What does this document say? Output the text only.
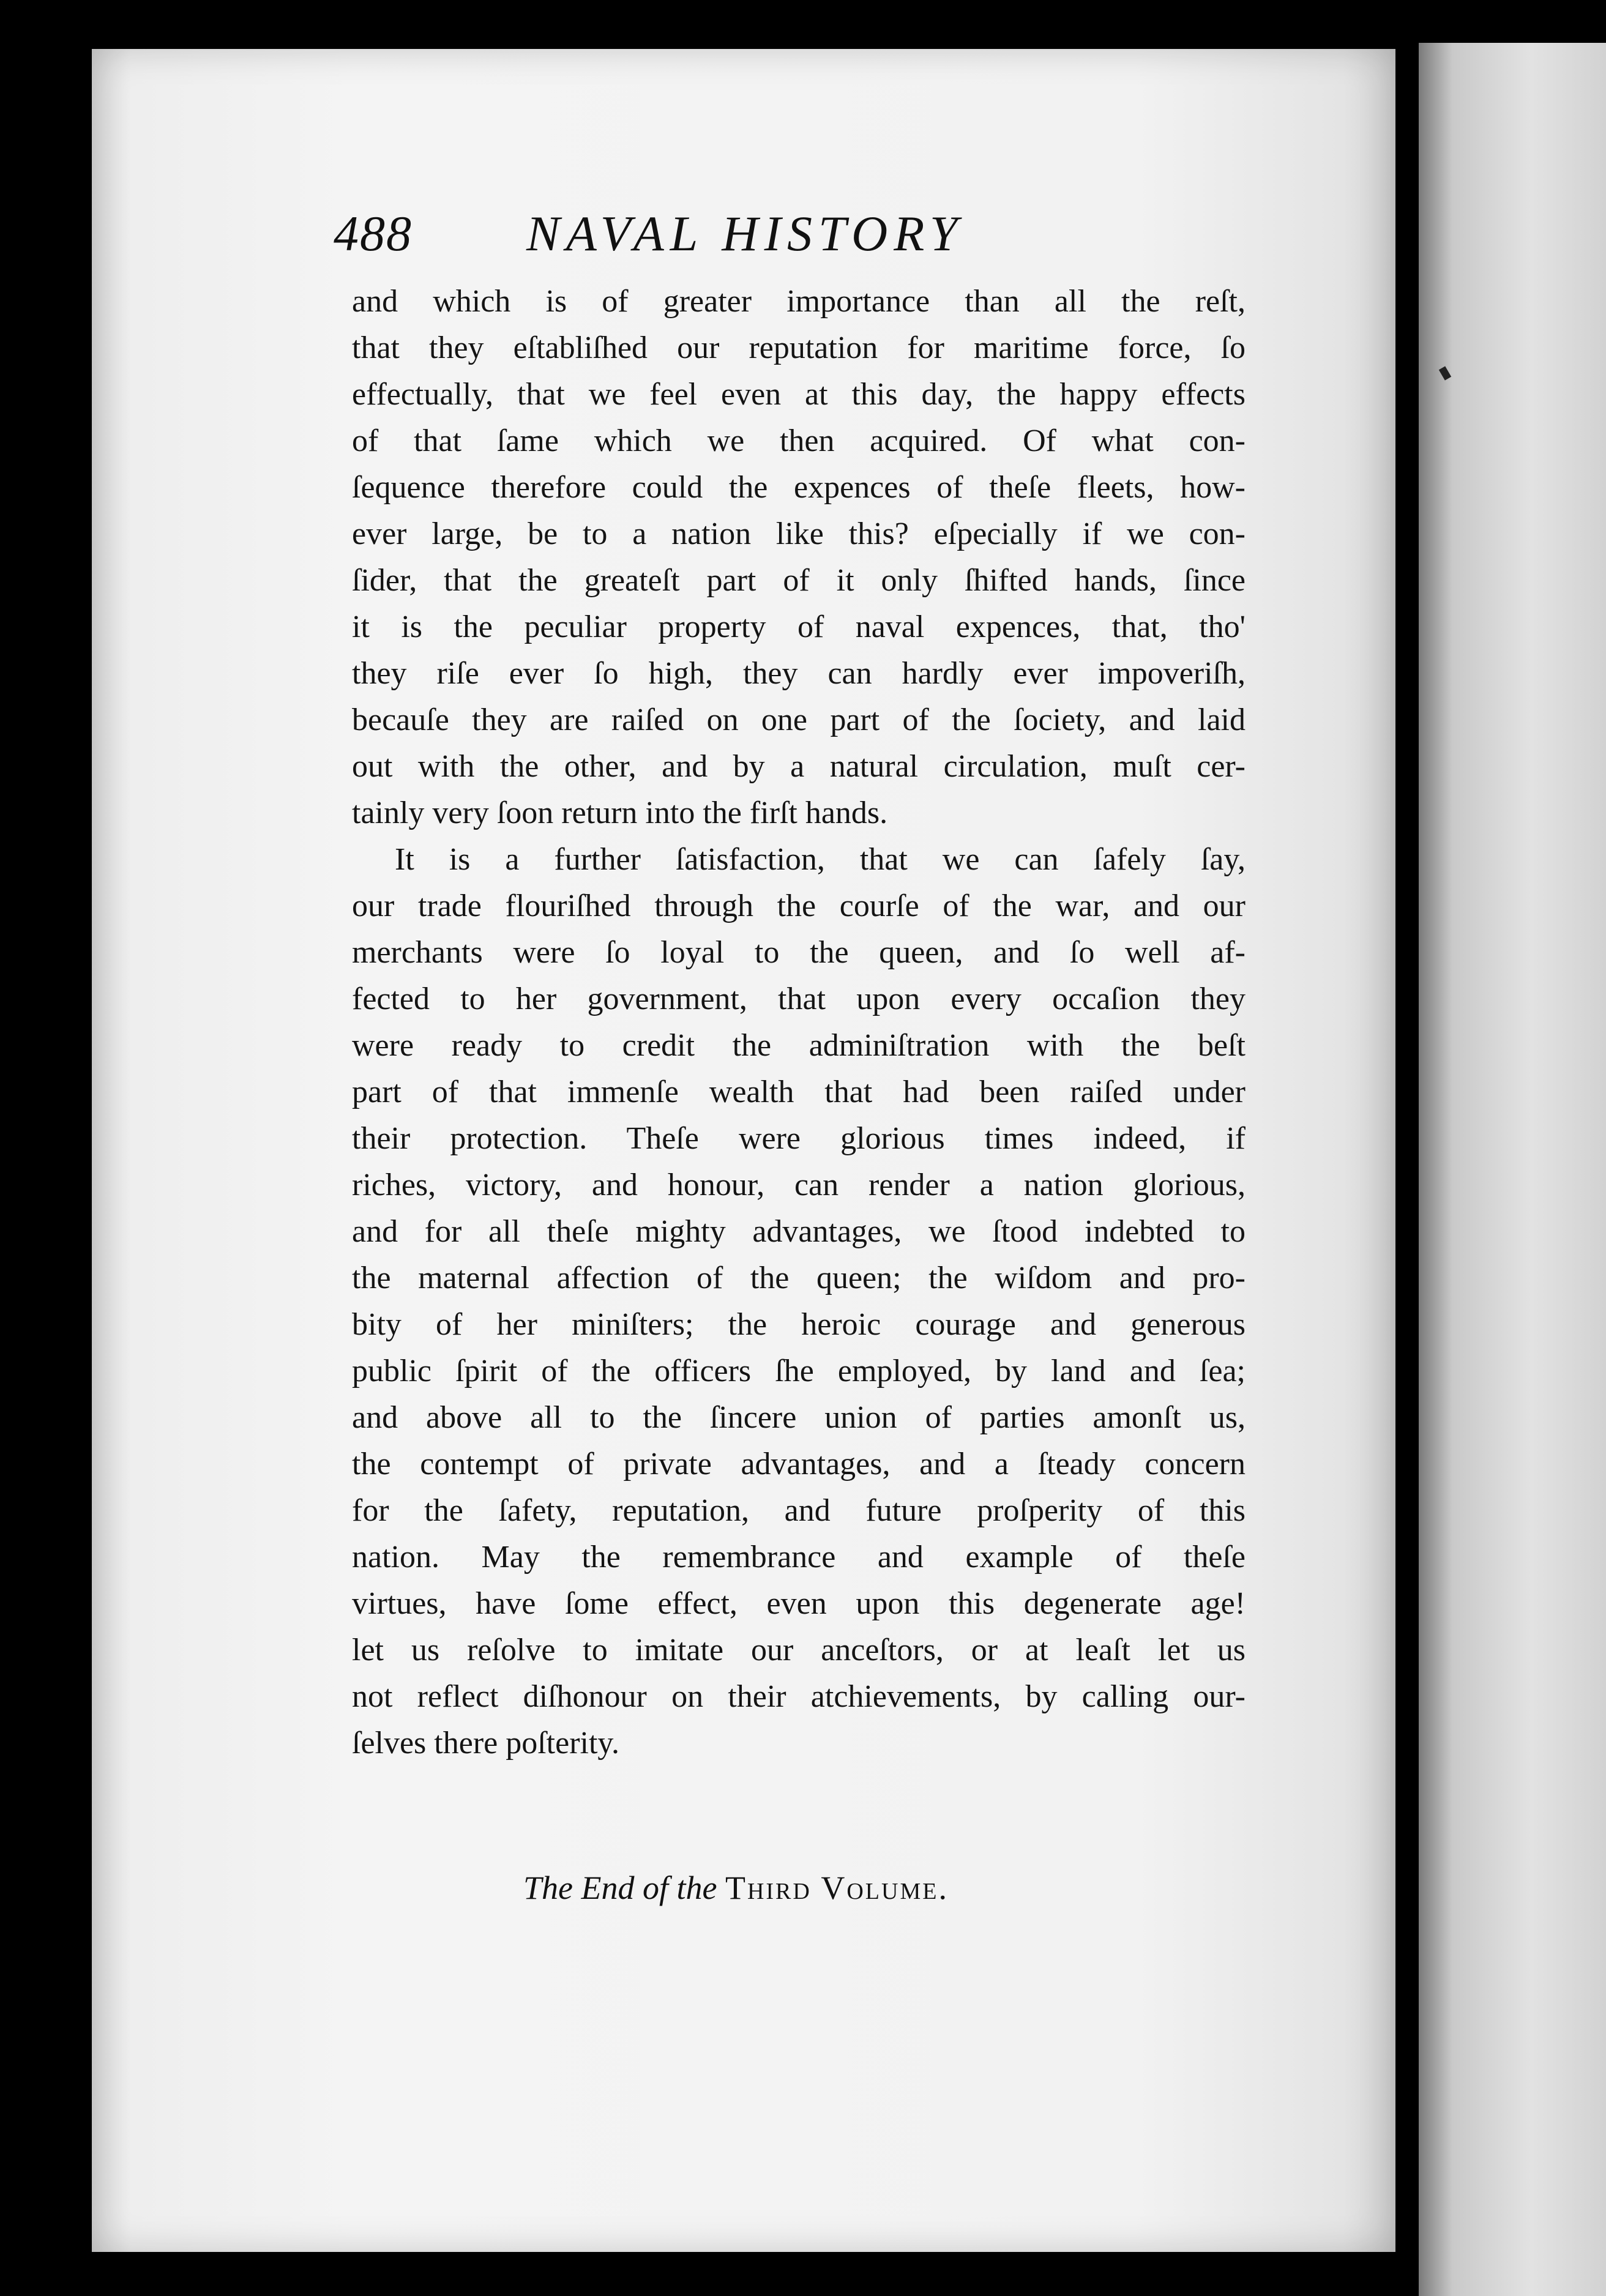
488 NAVAL HISTORY
and which is of greater importance than all the reſt,
that they eſtabliſhed our reputation for maritime force, ſo
effectually, that we feel even at this day, the happy effects
of that ſame which we then acquired. Of what con-
ſequence therefore could the expences of theſe fleets, how-
ever large, be to a nation like this? eſpecially if we con-
ſider, that the greateſt part of it only ſhifted hands, ſince
it is the peculiar property of naval expences, that, tho'
they riſe ever ſo high, they can hardly ever impoveriſh,
becauſe they are raiſed on one part of the ſociety, and laid
out with the other, and by a natural circulation, muſt cer-
tainly very ſoon return into the firſt hands.
It is a further ſatisfaction, that we can ſafely ſay,
our trade flouriſhed through the courſe of the war, and our
merchants were ſo loyal to the queen, and ſo well af-
fected to her government, that upon every occaſion they
were ready to credit the adminiſtration with the beſt
part of that immenſe wealth that had been raiſed under
their protection. Theſe were glorious times indeed, if
riches, victory, and honour, can render a nation glorious,
and for all theſe mighty advantages, we ſtood indebted to
the maternal affection of the queen; the wiſdom and pro-
bity of her miniſters; the heroic courage and generous
public ſpirit of the officers ſhe employed, by land and ſea;
and above all to the ſincere union of parties amonſt us,
the contempt of private advantages, and a ſteady concern
for the ſafety, reputation, and future proſperity of this
nation. May the remembrance and example of theſe
virtues, have ſome effect, even upon this degenerate age!
let us reſolve to imitate our anceſtors, or at leaſt let us
not reflect diſhonour on their atchievements, by calling our-
ſelves there poſterity.
The End of the Third Volume.
